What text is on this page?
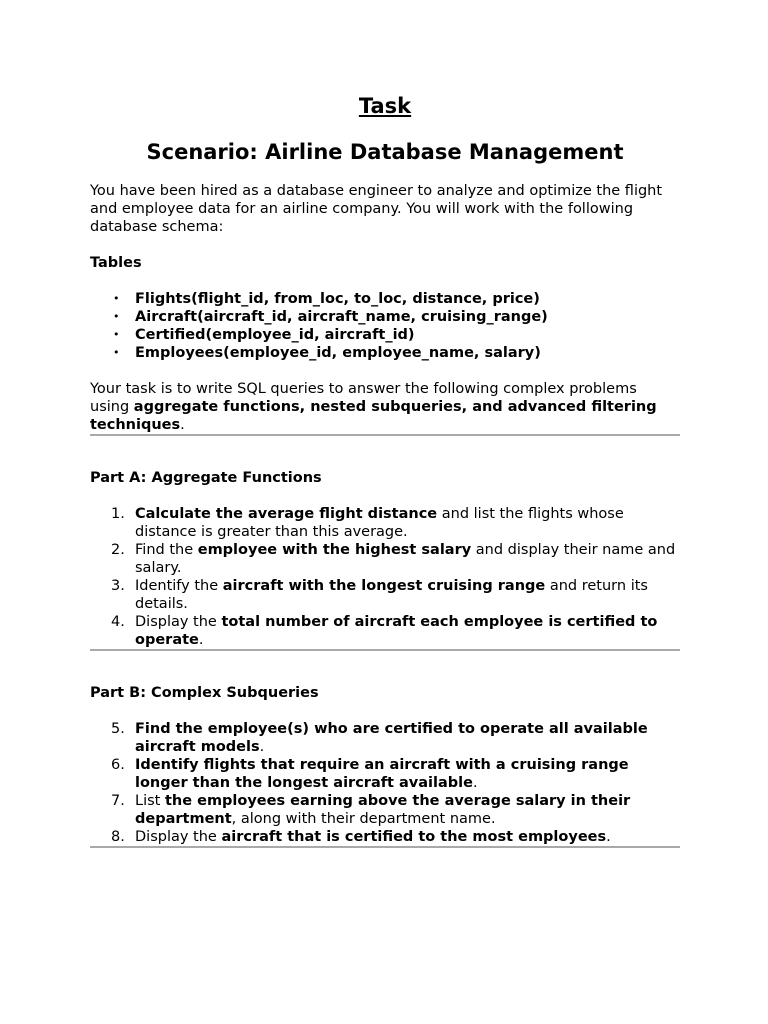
Task
Scenario: Airline Database Management

You have been hired as a database engineer to analyze and optimize the flight and employee data for an airline company. You will work with the following database schema:

Tables

• Flights(flight_id, from_loc, to_loc, distance, price)
• Aircraft(aircraft_id, aircraft_name, cruising_range)
• Certified(employee_id, aircraft_id)
• Employees(employee_id, employee_name, salary)

Your task is to write SQL queries to answer the following complex problems using aggregate functions, nested subqueries, and advanced filtering techniques.

Part A: Aggregate Functions

1. Calculate the average flight distance and list the flights whose distance is greater than this average.
2. Find the employee with the highest salary and display their name and salary.
3. Identify the aircraft with the longest cruising range and return its details.
4. Display the total number of aircraft each employee is certified to operate.

Part B: Complex Subqueries

5. Find the employee(s) who are certified to operate all available aircraft models.
6. Identify flights that require an aircraft with a cruising range longer than the longest aircraft available.
7. List the employees earning above the average salary in their department, along with their department name.
8. Display the aircraft that is certified to the most employees.
